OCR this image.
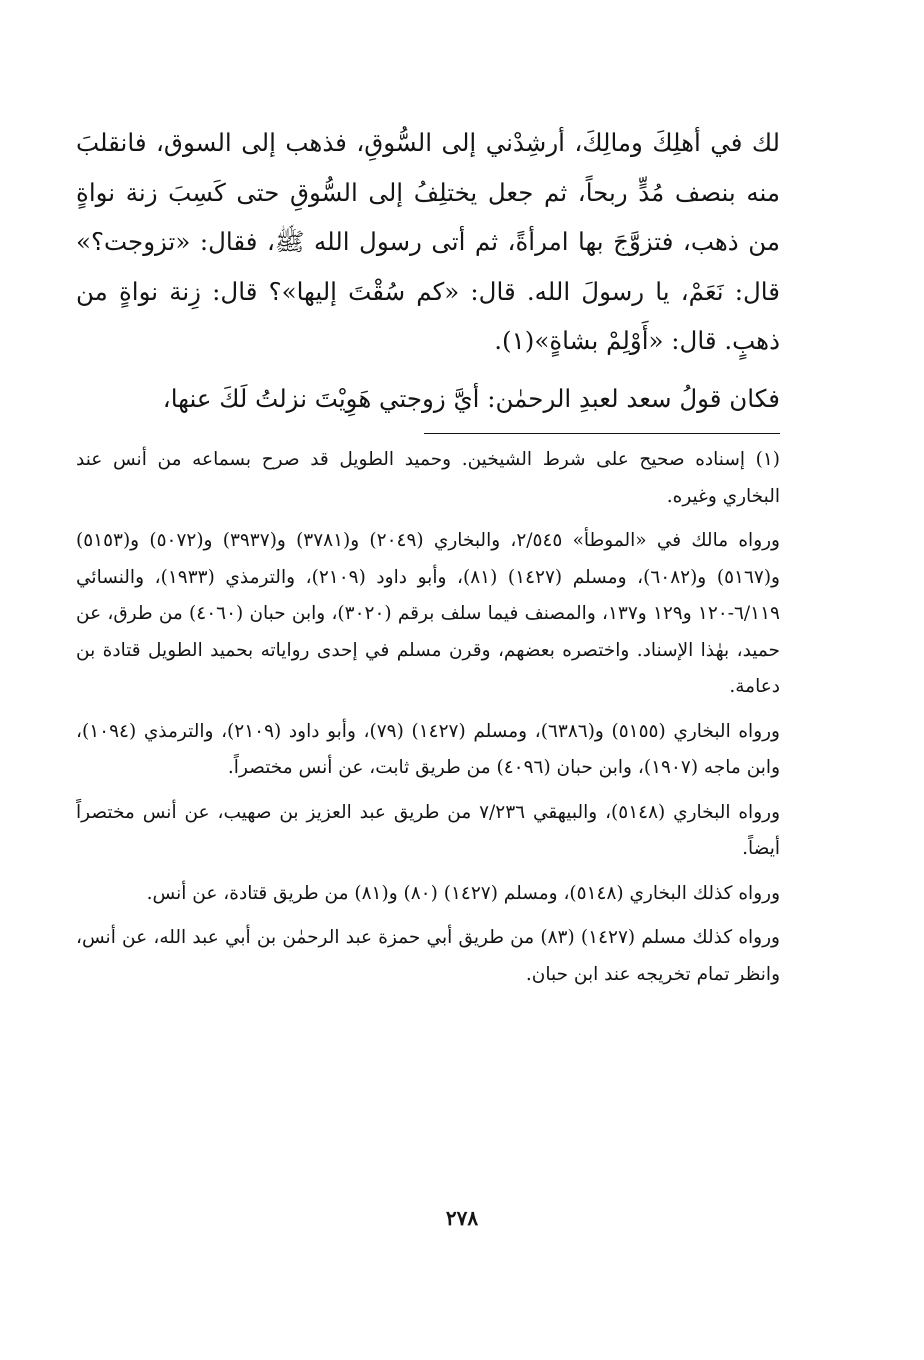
لك في أهلِكَ ومالِكَ، أرشِدْني إلى السُّوقِ، فذهب إلى السوق، فانقلبَ منه بنصف مُدٍّ ربحاً، ثم جعل يختلِفُ إلى السُّوقِ حتى كَسِبَ زنة نواةٍ من ذهب، فتزوَّجَ بها امرأةً، ثم أتى رسول الله ﷺ، فقال: «تزوجت؟» قال: نَعَمْ، يا رسولَ الله. قال: «كم سُقْتَ إليها»؟ قال: زِنة نواةٍ من ذهبٍ. قال: «أَوْلِمْ بشاةٍ»(١).

فكان قولُ سعد لعبدِ الرحمٰن: أيَّ زوجتي هَوِيْتَ نزلتُ لَكَ عنها،

(١) إسناده صحيح على شرط الشيخين. وحميد الطويل قد صرح بسماعه من أنس عند البخاري وغيره.

ورواه مالك في «الموطأ» ٢/٥٤٥، والبخاري (٢٠٤٩) و(٣٧٨١) و(٣٩٣٧) و(٥٠٧٢) و(٥١٥٣) و(٥١٦٧) و(٦٠٨٢)، ومسلم (١٤٢٧) (٨١)، وأبو داود (٢١٠٩)، والترمذي (١٩٣٣)، والنسائي ٦/١١٩-١٢٠ و١٢٩ و١٣٧، والمصنف فيما سلف برقم (٣٠٢٠)، وابن حبان (٤٠٦٠) من طرق، عن حميد، بهٰذا الإسناد. واختصره بعضهم، وقرن مسلم في إحدى رواياته بحميد الطويل قتادة بن دعامة.

ورواه البخاري (٥١٥٥) و(٦٣٨٦)، ومسلم (١٤٢٧) (٧٩)، وأبو داود (٢١٠٩)، والترمذي (١٠٩٤)، وابن ماجه (١٩٠٧)، وابن حبان (٤٠٩٦) من طريق ثابت، عن أنس مختصراً.

ورواه البخاري (٥١٤٨)، والبيهقي ٧/٢٣٦ من طريق عبد العزيز بن صهيب، عن أنس مختصراً أيضاً.

ورواه كذلك البخاري (٥١٤٨)، ومسلم (١٤٢٧) (٨٠) و(٨١) من طريق قتادة، عن أنس.

ورواه كذلك مسلم (١٤٢٧) (٨٣) من طريق أبي حمزة عبد الرحمٰن بن أبي عبد الله، عن أنس، وانظر تمام تخريجه عند ابن حبان.

٢٧٨
